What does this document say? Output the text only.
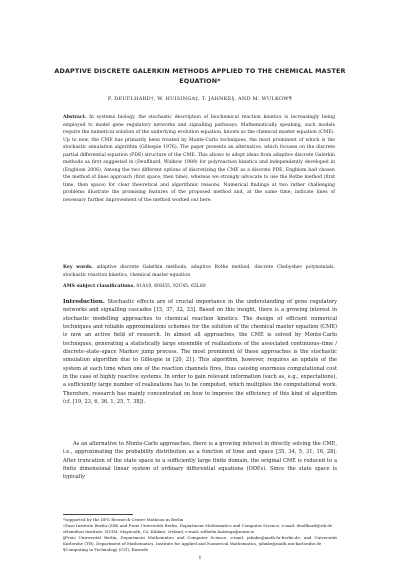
ADAPTIVE DISCRETE GALERKIN METHODS APPLIED TO THE CHEMICAL MASTER EQUATION*
P. DEUFLHARD†, W. HUISINGA‡, T. JAHNKE§, AND M. WULKOW¶
Abstract. In systems biology, the stochastic description of biochemical reaction kinetics is increasingly being employed to model gene regulatory networks and signalling pathways. Mathematically speaking, such models require the numerical solution of the underlying evolution equation, known as the chemical master equation (CME). Up to now, the CME has primarily been treated by Monte-Carlo techniques, the most prominent of which is the stochastic simulation algorithm (Gillespie 1976). The paper presents an alternative, which focuses on the discrete partial differential equation (PDE) structure of the CME. This allows to adopt ideas from adaptive discrete Galerkin methods as first suggested in (Deuflhard, Wulkow 1989) for polyreaction kinetics and independently developed in (Engblom 2006). Among the two different options of discretizing the CME as a discrete PDE, Engblom had chosen the method of lines approach (first space, then time), whereas we strongly advocate to use the Rothe method (first time, then space) for clear theoretical and algorithmic reasons. Numerical findings at two rather challenging problems illustrate the promising features of the proposed method and, at the same time, indicate lines of necessary further improvement of the method worked out here.
Key words. adaptive discrete Galerkin methods, adaptive Rothe method, discrete Chebyshev polynomials, stochastic reaction kinetics, chemical master equation
AMS subject classifications. 41A10, 60H35, 92C45, 65L60
Introduction. Stochastic effects are of crucial importance in the understanding of gene regulatory networks and signalling cascades [15, 37, 32, 33]. Based on this insight, there is a growing interest in stochastic modelling approaches to chemical reaction kinetics. The design of efficient numerical techniques and reliable approximations schemes for the solution of the chemical master equation (CME) is now an active field of research. In almost all approaches, the CME is solved by Monte-Carlo techniques, generating a statistically large ensemble of realizations of the associated continuous–time / discrete–state–space Markov jump process. The most prominent of these approaches is the stochastic simulation algorithm due to Gillespie in [20, 21]. This algorithm, however, requires an update of the system at each time when one of the reaction channels fires, thus causing enormous computational cost in the case of highly reactive systems. In order to gain relevant information (such as, e.g., expectations), a sufficiently large number of realizations has to be computed, which multiplies the computational work. Therefore, research has mainly concentrated on how to improve the efficiency of this kind of algorithm (cf. [19, 23, 6, 36, 1, 25, 7, 38]).
As an alternative to Monte-Carlo approaches, there is a growing interest in directly solving the CME, i.e., approximating the probability distribution as a function of time and space [35, 34, 5, 31, 16, 28]. After truncation of the state space to a sufficiently large finite domain, the original CME is reduced to a finite dimensional linear system of ordinary differential equations (ODEs). Since the state space is typically

*supported by the DFG Research Center Matheon in Berlin

†Zuse Institute Berlin (ZIB) and Freie Universität Berlin, Department Mathematics and Computer Science, e-mail: deuflhard@zib.de

‡Hamilton Institute, NUIM, Maynooth, Co. Kildare, Ireland, e-mail: wilhelm.huisinga@nuim.ie

§Freie Universität Berlin, Department Mathematics and Computer Science, e-mail: jahnke@math.fu-berlin.de, and Universität Karlsruhe (TH), Department of Mathematics, Institute for Applied and Numerical Mathematics, jahnke@math.uni-karlsruhe.de

¶Computing in Technology (CIT), Rastede

1
